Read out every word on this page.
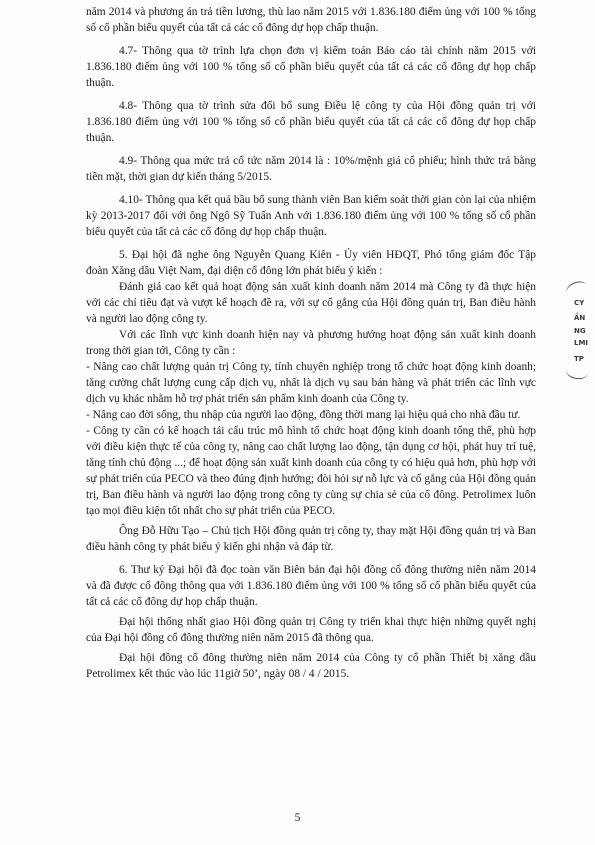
năm 2014 và phương án trả tiền lương, thù lao năm 2015 với 1.836.180 điểm ủng với 100 % tổng số cổ phần biểu quyết của tất cả các cổ đông dự họp chấp thuận.

4.7- Thông qua tờ trình lựa chọn đơn vị kiểm toán Báo cáo tài chính năm 2015 với 1.836.180 điểm ủng với 100 % tổng số cổ phần biểu quyết của tất cả các cổ đông dự họp chấp thuận.

4.8- Thông qua tờ trình sửa đổi bổ sung Điều lệ công ty của Hội đồng quản trị với 1.836.180 điểm ủng với 100 % tổng số cổ phần biểu quyết của tất cả các cổ đông dự họp chấp thuận.

4.9- Thông qua mức trả cổ tức năm 2014 là : 10%/mệnh giá cổ phiếu; hình thức trả bằng tiền mặt, thời gian dự kiến tháng 5/2015.

4.10- Thông qua kết quả bầu bổ sung thành viên Ban kiểm soát thời gian còn lại của nhiệm kỳ 2013-2017 đối với ông Ngô Sỹ Tuấn Anh với 1.836.180 điểm ủng với 100 % tổng số cổ phần biểu quyết của tất cả các cổ đông dự họp chấp thuận.

5. Đại hội đã nghe ông Nguyễn Quang Kiên - Ủy viên HĐQT, Phó tổng giám đốc Tập đoàn Xăng dầu Việt Nam, đại diện cổ đông lớn phát biểu ý kiến :

Đánh giá cao kết quả hoạt động sản xuất kinh doanh năm 2014 mà Công ty đã thực hiện với các chỉ tiêu đạt và vượt kế hoạch đề ra, với sự cố gắng của Hội đồng quản trị, Ban điều hành và người lao động công ty.

Với các lĩnh vực kinh doanh hiện nay và phương hướng hoạt động sản xuất kinh doanh trong thời gian tới, Công ty cần :

- Nâng cao chất lượng quản trị Công ty, tính chuyên nghiệp trong tổ chức hoạt động kinh doanh; tăng cường chất lượng cung cấp dịch vụ, nhất là dịch vụ sau bán hàng và phát triển các lĩnh vực dịch vụ khác nhằm hỗ trợ phát triển sản phẩm kinh doanh của Công ty.

- Nâng cao đời sống, thu nhập của người lao động, đồng thời mang lại hiệu quả cho nhà đầu tư.

- Công ty cần có kế hoạch tái cấu trúc mô hình tổ chức hoạt động kinh doanh tổng thể, phù hợp với điều kiện thực tế của công ty, nâng cao chất lượng lao động, tận dụng cơ hội, phát huy trí tuệ, tăng tính chủ động ...; để hoạt động sản xuất kinh doanh của công ty có hiệu quả hơn, phù hợp với sự phát triển của PECO và theo đúng định hướng; đòi hỏi sự nỗ lực và cố gắng của Hội đồng quản trị, Ban điều hành và người lao động trong công ty cùng sự chia sẻ của cổ đông. Petrolimex luôn tạo mọi điều kiện tốt nhất cho sự phát triển của PECO.

Ông Đỗ Hữu Tạo – Chủ tịch Hội đồng quản trị công ty, thay mặt Hội đồng quản trị và Ban điều hành công ty phát biểu ý kiến ghi nhận và đáp từ.

6. Thư ký Đại hội đã đọc toàn văn Biên bản đại hội đồng cổ đông thường niên năm 2014 và đã được cổ đông thông qua với 1.836.180 điểm ủng với 100 % tổng số cổ phần biểu quyết của tất cả các cổ đông dự họp chấp thuận.

Đại hội thống nhất giao Hội đồng quản trị Công ty triển khai thực hiện những quyết nghị của Đại hội đồng cổ đông thường niên năm 2015 đã thông qua.

Đại hội đồng cổ đông thường niên năm 2014 của Công ty cổ phần Thiết bị xăng dầu Petrolimex kết thúc vào lúc 11giờ 50’, ngày 08 / 4 / 2015.

CY
ẦN
NG
LMI
TP
5
